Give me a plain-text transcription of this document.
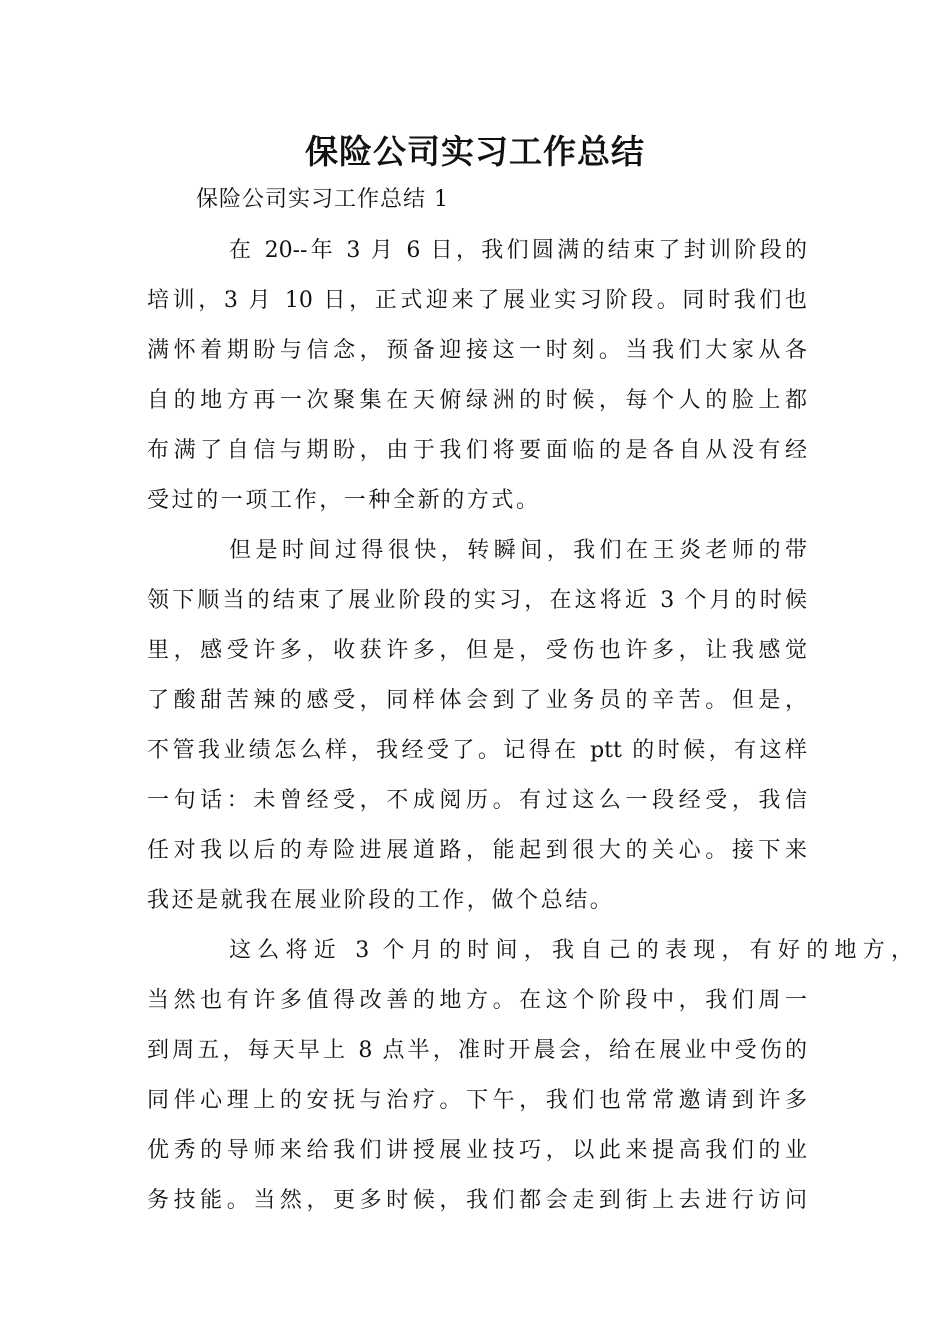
保险公司实习工作总结

保险公司实习工作总结 1

在 20--年 3 月 6 日，我们圆满的结束了封训阶段的
培训，3 月 10 日，正式迎来了展业实习阶段。同时我们也
满怀着期盼与信念，预备迎接这一时刻。当我们大家从各
自的地方再一次聚集在天俯绿洲的时候，每个人的脸上都
布满了自信与期盼，由于我们将要面临的是各自从没有经
受过的一项工作，一种全新的方式。
但是时间过得很快，转瞬间，我们在王炎老师的带
领下顺当的结束了展业阶段的实习，在这将近 3 个月的时候
里，感受许多，收获许多，但是，受伤也许多，让我感觉
了酸甜苦辣的感受，同样体会到了业务员的辛苦。但是，
不管我业绩怎么样，我经受了。记得在 ptt 的时候，有这样
一句话：未曾经受，不成阅历。有过这么一段经受，我信
任对我以后的寿险进展道路，能起到很大的关心。接下来
我还是就我在展业阶段的工作，做个总结。
这么将近 3 个月的时间，我自己的表现，有好的地方，
当然也有许多值得改善的地方。在这个阶段中，我们周一
到周五，每天早上 8 点半，准时开晨会，给在展业中受伤的
同伴心理上的安抚与治疗。下午，我们也常常邀请到许多
优秀的导师来给我们讲授展业技巧，以此来提高我们的业
务技能。当然，更多时候，我们都会走到街上去进行访问
